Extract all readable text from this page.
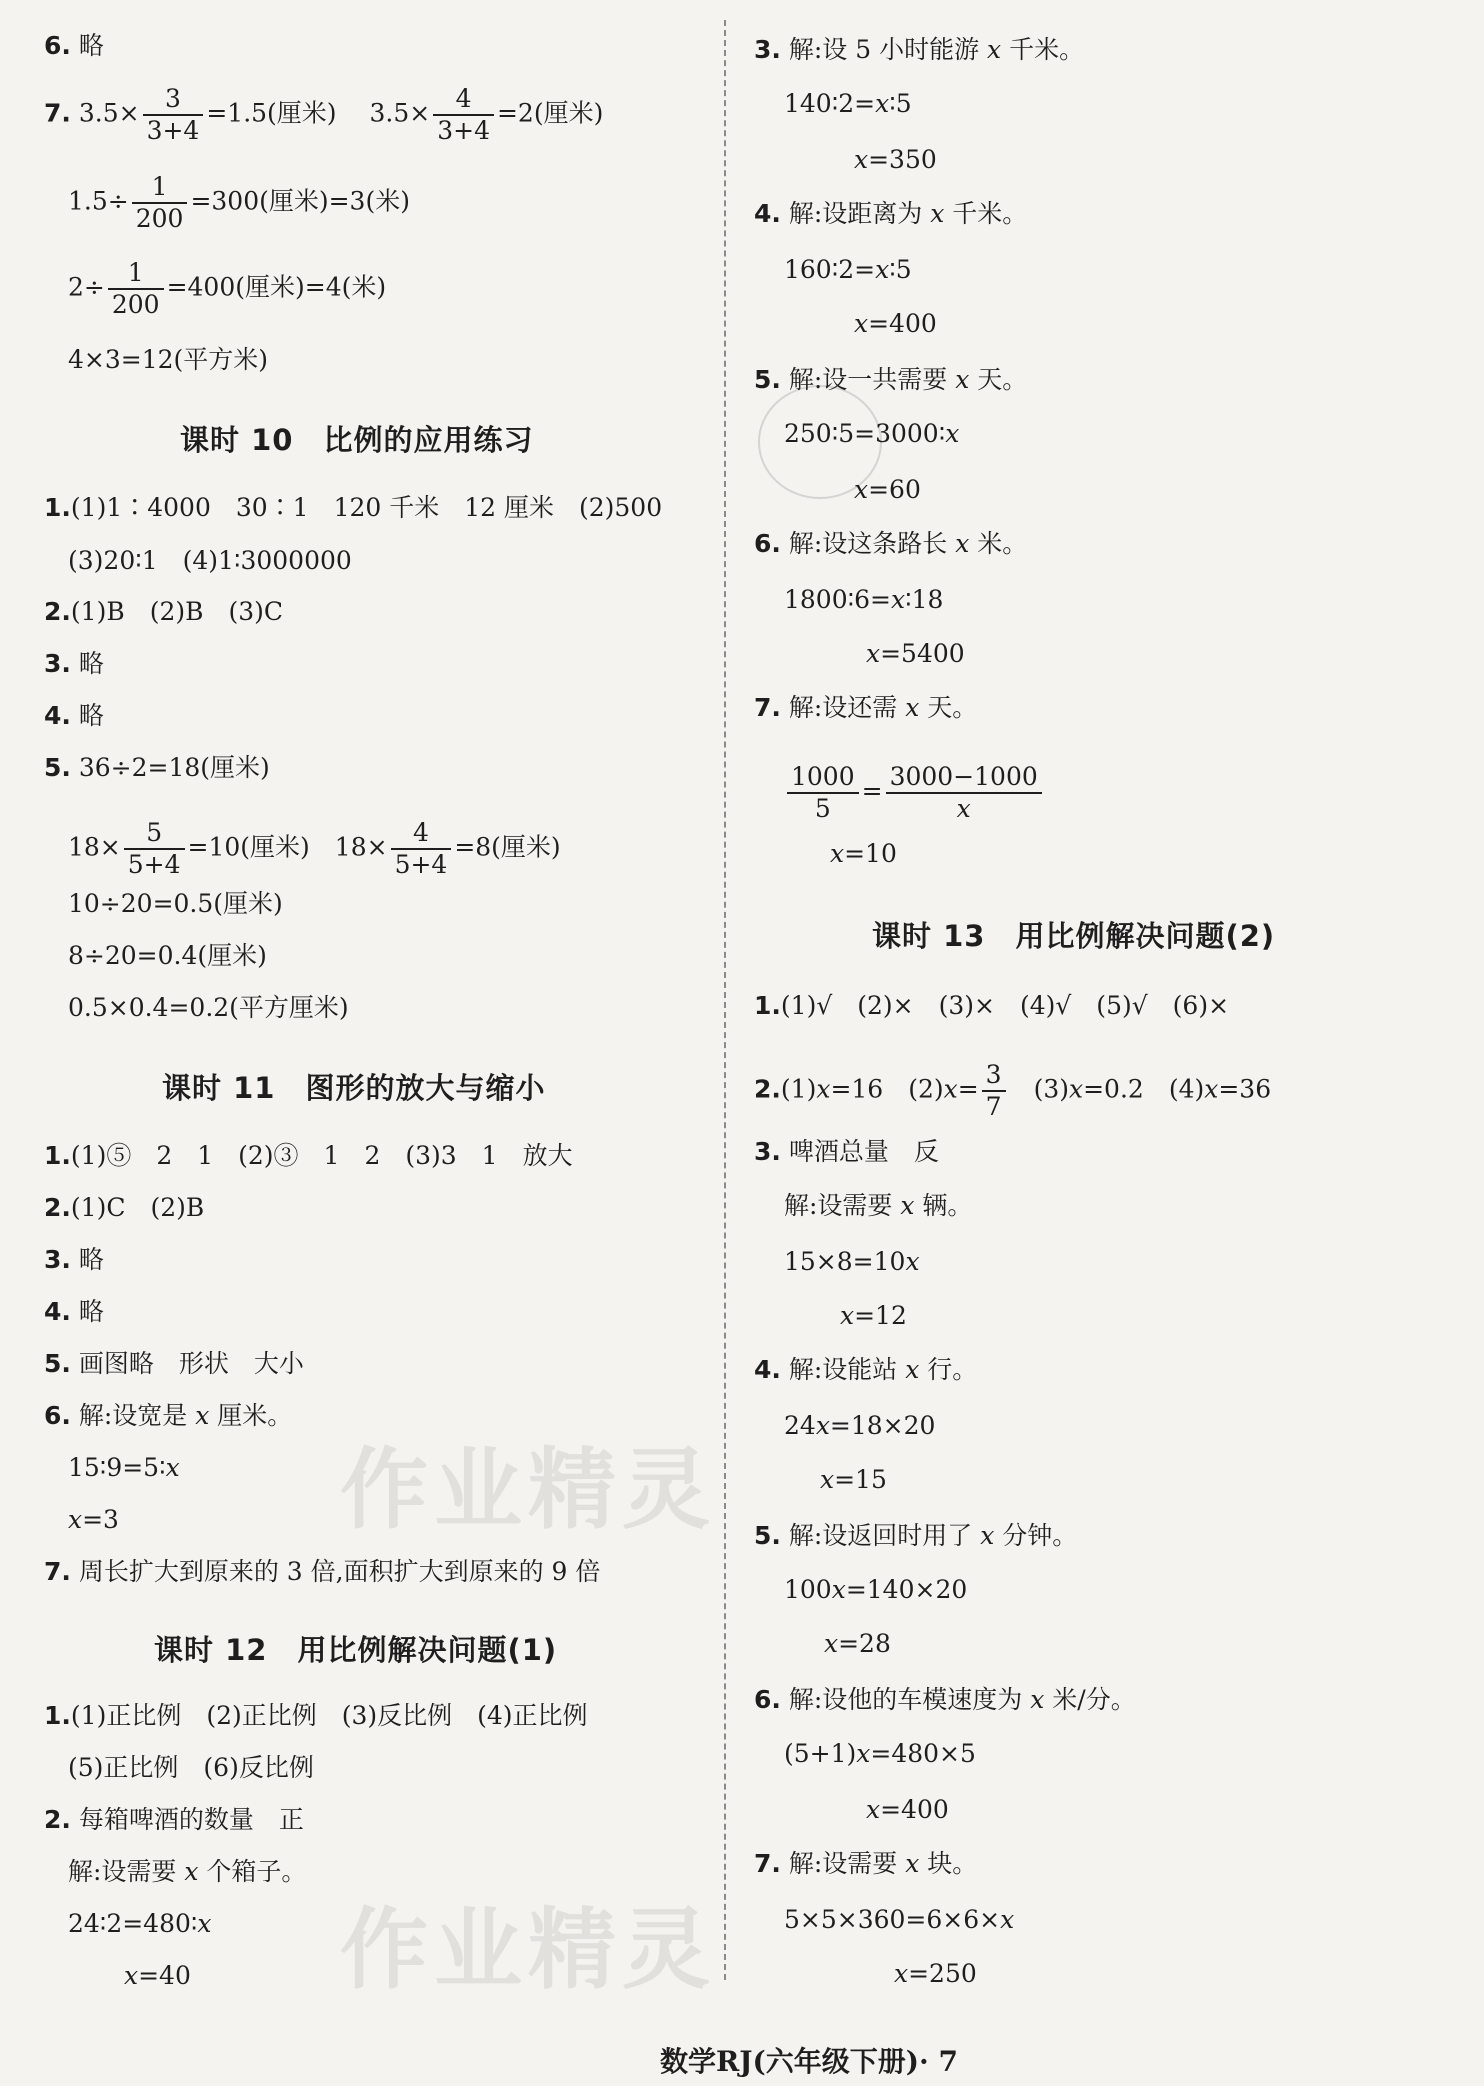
作业精灵
作业精灵
6. 略
7. $3.5\times \frac{3}{3+4} =1.5$(厘米)　 $3.5\times \frac{4}{3+4} =2$(厘米)
$1.5\div \frac{1}{200} =300$(厘米)=3(米)
$2\div \frac{1}{200} =400$(厘米)=4(米)
4×3=12(平方米)
课时 10　比例的应用练习
1.(1)1∶4000　30∶1　120 千米　12 厘米　(2)500
(3)20∶1　(4)1∶3000000
2.(1)B　(2)B　(3)C
3. 略
4. 略
5. 36÷2=18(厘米)
$18\times \frac{5}{5+4} =10$(厘米)　$18\times \frac{4}{5+4} =8$(厘米)
10÷20=0.5(厘米)
8÷20=0.4(厘米)
0.5×0.4=0.2(平方厘米)
课时 11　图形的放大与缩小
1.(1)⑤　2　1　(2)③　1　2　(3)3　1　放大
2.(1)C　(2)B
3. 略
4. 略
5. 画图略　形状　大小
6. 解:设宽是 x 厘米。
15∶9=5∶x
x=3
7. 周长扩大到原来的 3 倍,面积扩大到原来的 9 倍
课时 12　用比例解决问题(1)
1.(1)正比例　(2)正比例　(3)反比例　(4)正比例
(5)正比例　(6)反比例
2. 每箱啤酒的数量　正
解:设需要 x 个箱子。
24∶2=480∶x
x=40
3. 解:设 5 小时能游 x 千米。
140∶2=x∶5
x=350
4. 解:设距离为 x 千米。
160∶2=x∶5
x=400
5. 解:设一共需要 x 天。
250∶5=3000∶x
x=60
6. 解:设这条路长 x 米。
1800∶6=x∶18
x=5400
7. 解:设还需 x 天。
$\frac{1000}{5} = \frac{3000-1000}{x}$
x=10
课时 13　用比例解决问题(2)
1.(1)√　(2)×　(3)×　(4)√　(5)√　(6)×
2.(1)x=16　$(2)x= \frac{3}{7}$ 　(3)x=0.2　(4)x=36
3. 啤酒总量　反
解:设需要 x 辆。
15×8=10x
x=12
4. 解:设能站 x 行。
24x=18×20
x=15
5. 解:设返回时用了 x 分钟。
100x=140×20
x=28
6. 解:设他的车模速度为 x 米/分。
(5+1)x=480×5
x=400
7. 解:设需要 x 块。
5×5×360=6×6×x
x=250
数学RJ(六年级下册)· 7
